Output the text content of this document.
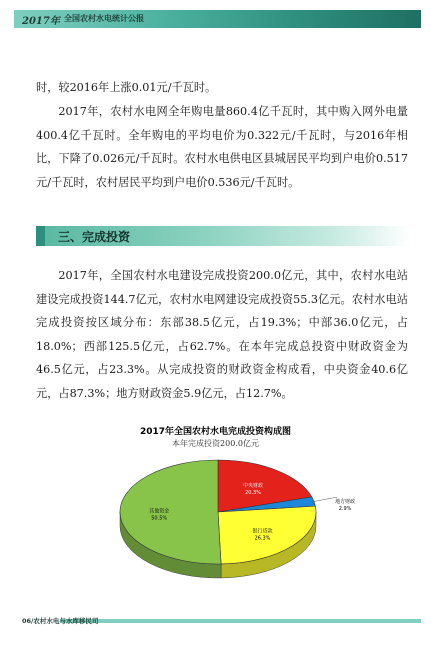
2017年 全国农村水电统计公报

时，较2016年上涨0.01元/千瓦时。

2017年，农村水电网全年购电量860.4亿千瓦时，其中购入网外电量400.4亿千瓦时。全年购电的平均电价为0.322元/千瓦时，与2016年相比，下降了0.026元/千瓦时。农村水电供电区县城居民平均到户电价0.517元/千瓦时，农村居民平均到户电价0.536元/千瓦时。

三、完成投资

2017年，全国农村水电建设完成投资200.0亿元，其中，农村水电站建设完成投资144.7亿元，农村水电网建设完成投资55.3亿元。农村水电站完成投资按区域分布：东部38.5亿元，占19.3%；中部36.0亿元，占18.0%；西部125.5亿元，占62.7%。在本年完成总投资中财政资金为46.5亿元，占23.3%。从完成投资的财政资金构成看，中央资金40.6亿元，占87.3%；地方财政资金5.9亿元，占12.7%。

2017年全国农村水电完成投资构成图
本年完成投资200.0亿元
中央财政
20.3%
地方财政
2.9%
银行贷款
26.3%
其他资金
50.5%
06/农村水电与水库移民司
